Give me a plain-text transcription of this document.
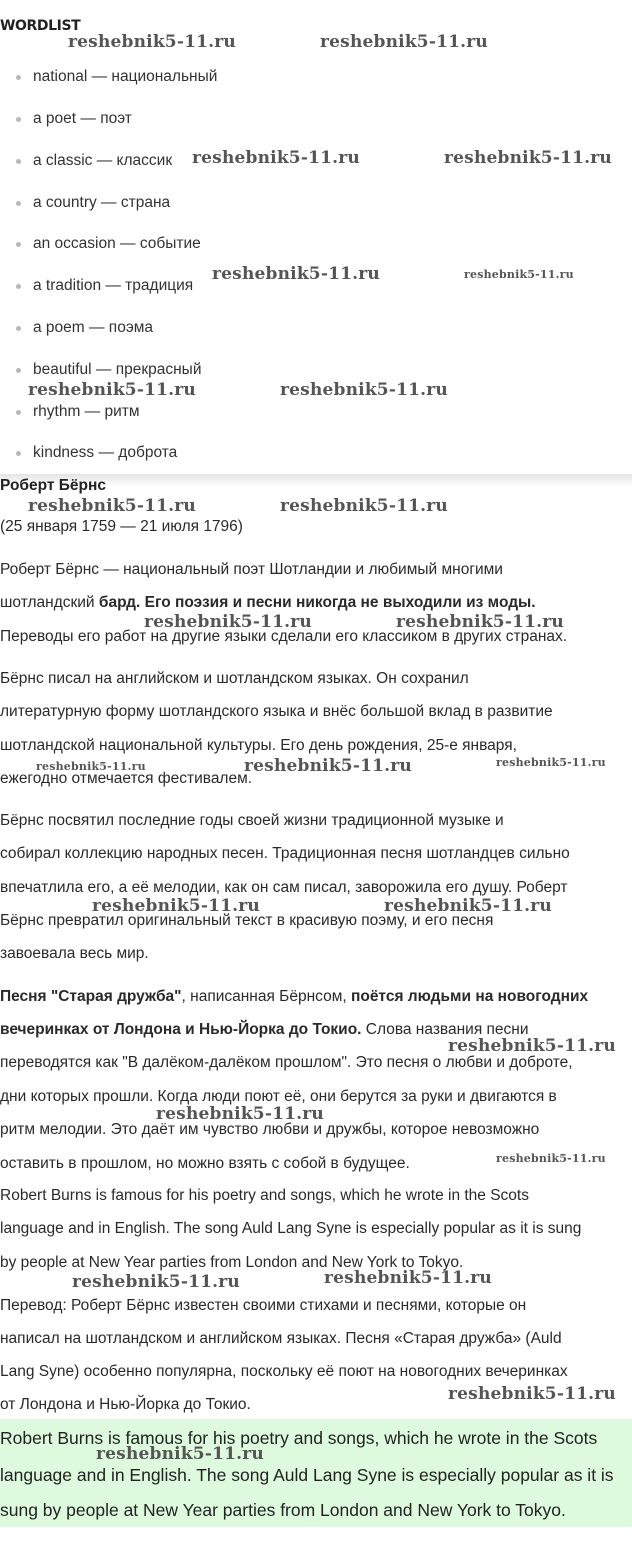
WORDLIST
national — национальный
a poet — поэт
a classic — классик
a country — страна
an occasion — событие
a tradition — традиция
a poem — поэма
beautiful — прекрасный
rhythm — ритм
kindness — доброта
Роберт Бёрнс

(25 января 1759 — 21 июля 1796)

Роберт Бёрнс — национальный поэт Шотландии и любимый многими

шотландский бард. Его поэзия и песни никогда не выходили из моды.

Переводы его работ на другие языки сделали его классиком в других странах.

Бёрнс писал на английском и шотландском языках. Он сохранил

литературную форму шотландского языка и внёс большой вклад в развитие

шотландской национальной культуры. Его день рождения, 25-е января,

ежегодно отмечается фестивалем.

Бёрнс посвятил последние годы своей жизни традиционной музыке и

собирал коллекцию народных песен. Традиционная песня шотландцев сильно

впечатлила его, а её мелодии, как он сам писал, заворожила его душу. Роберт

Бёрнс превратил оригинальный текст в красивую поэму, и его песня

завоевала весь мир.

Песня "Старая дружба", написанная Бёрнсом, поётся людьми на новогодних

вечеринках от Лондона и Нью-Йорка до Токио. Слова названия песни

переводятся как "В далёком-далёком прошлом". Это песня о любви и доброте,

дни которых прошли. Когда люди поют её, они берутся за руки и двигаются в

ритм мелодии. Это даёт им чувство любви и дружбы, которое невозможно

оставить в прошлом, но можно взять с собой в будущее.

Robert Burns is famous for his poetry and songs, which he wrote in the Scots

language and in English. The song Auld Lang Syne is especially popular as it is sung

by people at New Year parties from London and New York to Tokyo.

Перевод: Роберт Бёрнс известен своими стихами и песнями, которые он

написал на шотландском и английском языках. Песня «Старая дружба» (Auld

Lang Syne) особенно популярна, поскольку её поют на новогодних вечеринках

от Лондона и Нью-Йорка до Токио.

Robert Burns is famous for his poetry and songs, which he wrote in the Scots

language and in English. The song Auld Lang Syne is especially popular as it is

sung by people at New Year parties from London and New York to Tokyo.

reshebnik5-11.ru	reshebnik5-11.ru
reshebnik5-11.ru	reshebnik5-11.ru
reshebnik5-11.ru	reshebnik5-11.ru
reshebnik5-11.ru	reshebnik5-11.ru
reshebnik5-11.ru	reshebnik5-11.ru
reshebnik5-11.ru	reshebnik5-11.ru
reshebnik5-11.ru	reshebnik5-11.ru	reshebnik5-11.ru
reshebnik5-11.ru	reshebnik5-11.ru
reshebnik5-11.ru
reshebnik5-11.ru
reshebnik5-11.ru
reshebnik5-11.ru	reshebnik5-11.ru
reshebnik5-11.ru
reshebnik5-11.ru
